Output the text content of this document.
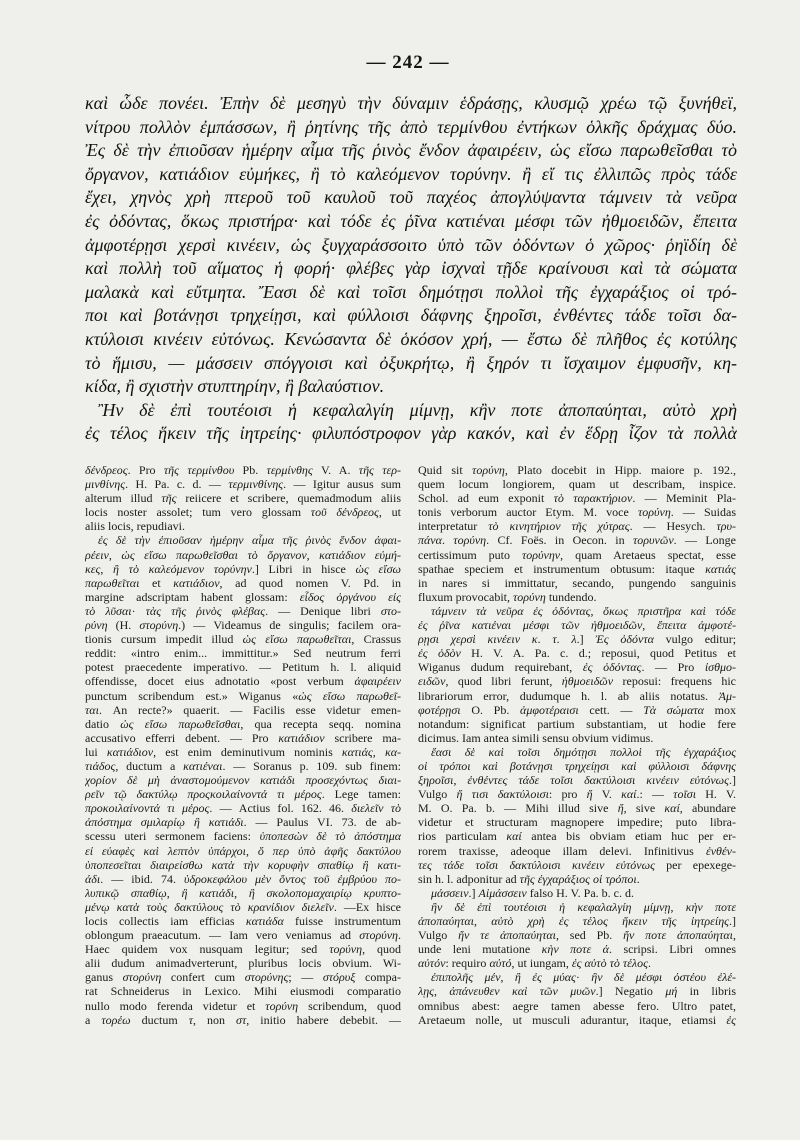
— 242 —
καὶ ὧδε πονέει. Ἐπὴν δὲ μεσηγὺ τὴν δύναμιν ἑδράσῃς, κλυσμῷ χρέω τῷ ξυνήθεϊ,
νίτρου πολλὸν ἐμπάσσων, ἢ ῥητίνης τῆς ἀπὸ τερμίνθου ἐντήκων ὁλκῆς δράχμας δύο.
Ἐς δὲ τὴν ἐπιοῦσαν ἡμέρην αἷμα τῆς ῥινὸς ἔνδον ἀφαιρέειν, ὡς εἴσω παρωθεῖσθαι τὸ
ὄργανον, κατιάδιον εὐμήκες, ἢ τὸ καλεόμενον τορύνην. ἢ εἴ τις ἐλλιπῶς πρὸς τάδε
ἔχει, χηνὸς χρὴ πτεροῦ τοῦ καυλοῦ τοῦ παχέος ἀπογλύψαντα τάμνειν τὰ νεῦρα
ἐς ὀδόντας, ὅκως πριστήρα· καὶ τόδε ἐς ῥῖνα κατιέναι μέσφι τῶν ἠθμοειδῶν, ἔπειτα
ἀμφοτέρῃσι χερσὶ κινέειν, ὡς ξυγχαράσσοιτο ὑπὸ τῶν ὀδόντων ὁ χῶρος· ῥηϊδίη δὲ
καὶ πολλὴ τοῦ αἵματος ἡ φορή· φλέβες γὰρ ἰσχναὶ τῇδε κραίνουσι καὶ τὰ σώματα
μαλακὰ καὶ εὔτμητα. Ἔασι δὲ καὶ τοῖσι δημότῃσι πολλοὶ τῆς ἐγχαράξιος οἱ τρό-
ποι καὶ βοτάνῃσι τρηχείῃσι, καὶ φύλλοισι δάφνης ξηροῖσι, ἐνθέντες τάδε τοῖσι δα-
κτύλοισι κινέειν εὐτόνως. Κενώσαντα δὲ ὁκόσον χρή, — ἔστω δὲ πλῆθος ἐς κοτύλης
τὸ ἥμισυ, — μάσσειν σπόγγοισι καὶ ὀξυκρήτῳ, ἢ ξηρόν τι ἴσχαιμον ἐμφυσῆν, κη-
κίδα, ἢ σχιστὴν στυπτηρίην, ἢ βαλαύστιον.
Ἢν δὲ ἐπὶ τουτέοισι ἡ κεφαλαλγίη μίμνῃ, κἢν ποτε ἀποπαύηται, αὐτὸ χρὴ
ἐς τέλος ἥκειν τῆς ἰητρείης· φιλυπόστροφον γὰρ κακόν, καὶ ἐν ἕδρῃ ἶζον τὰ πολλὰ
δένδρεος. Pro τῆς τερμίνθου Pb. τερμίνθης V. A. τῆς τερ-
μινθίνης. H. Pa. c. d. — τερμινθίνης. — Igitur ausus sum
alterum illud τῆς reiicere et scribere, quemadmodum aliis
locis noster assolet; tum vero glossam τοῦ δένδρεος, ut
aliis locis, repudiavi.
ἐς δὲ τὴν ἐπιοῦσαν ἡμέρην αἷμα τῆς ῥινὸς ἔνδον ἀφαι-
ρέειν, ὡς εἴσω παρωθεῖσθαι τὸ ὄργανον, κατιάδιον εὐμή-
κες, ἢ τὸ καλεόμενον τορύνην.] Libri in hisce ὡς εἴσω
παρωθεῖται et κατιάδιον, ad quod nomen V. Pd. in
margine adscriptam habent glossam: εἶδος ὀργάνου εἰς
τὸ λῦσαι· τὰς τῆς ῥινὸς φλέβας. — Denique libri στο-
ρύνη (H. στορύνη.) — Videamus de singulis; facilem ora-
tionis cursum impedit illud ὡς εἴσω παρωθεῖται, Crassus
reddit: «intro enim... immittitur.» Sed neutrum ferri
potest praecedente imperativo. — Petitum h. l. aliquid
offendisse, docet eius adnotatio «post verbum ἀφαιρέειν
punctum scribendum est.» Wiganus «ὡς εἴσω παρωθεῖ-
ται. An recte?» quaerit. — Facilis esse videtur emen-
datio ὡς εἴσω παρωθεῖσθαι, qua recepta seqq. nomina
accusativo efferri debent. — Pro κατιάδιον scribere ma-
lui κατιάδιον, est enim deminutivum nominis κατιάς, κα-
τιάδος, ductum a κατιέναι. — Soranus p. 109. sub finem:
χορίον δὲ μὴ ἀναστομούμενον κατιάδι προσεχόντως διαι-
ρεῖν τῷ δακτύλῳ προςκοιλαίνοντά τι μέρος. Lege tamen:
προκοιλαίνοντά τι μέρος. — Actius fol. 162. 46. διελεῖν τὸ
ἀπόστημα σμιλαρίῳ ἢ κατιάδι. — Paulus VI. 73. de ab-
scessu uteri sermonem faciens: ὑποπεσὼν δὲ τὸ ἀπόστημα
εἰ εὐαφὲς καὶ λεπτὸν ὑπάρχοι, ὅ περ ὑπὸ ἁφῆς δακτύλου
ὑποπεσεῖται διαιρείσθω κατὰ τὴν κορυφὴν σπαθίῳ ἢ κατι-
άδι. — ibid. 74. ὑδροκεφάλου μὲν ὄντος τοῦ ἐμβρύου πο-
λυπικῷ σπαθίῳ, ἢ κατιάδι, ἢ σκολοπομαχαιρίῳ κρυπτο-
μένῳ κατὰ τοὺς δακτύλους τὸ κρανίδιον διελεῖν. —Ex hisce
locis collectis iam efficias κατιάδα fuisse instrumentum
oblongum praeacutum. — Iam vero veniamus ad στορύνη.
Haec quidem vox nusquam legitur; sed τορύνη, quod
alii dudum animadverterunt, pluribus locis obvium. Wi-
ganus στορύνη confert cum στορύνης; — στόρυξ compa-
rat Schneiderus in Lexico. Mihi eiusmodi comparatio
nullo modo ferenda videtur et τορύνη scribendum, quod
a τορέω ductum τ, non στ, initio habere debebit. —
Quid sit τορύνη, Plato docebit in Hipp. maiore p. 192.,
quem locum longiorem, quam ut describam, inspice.
Schol. ad eum exponit τὸ ταρακτήριον. — Meminit Pla-
tonis verborum auctor Etym. M. voce τορύνη. — Suidas
interpretatur τὸ κινητήριον τῆς χύτρας. — Hesych. τρυ-
πάνα. τορύνη. Cf. Foës. in Oecon. in τορυνῶν. — Longe
certissimum puto τορύνην, quam Aretaeus spectat, esse
spathae speciem et instrumentum obtusum: itaque κατιάς
in nares si immittatur, secando, pungendo sanguinis
fluxum provocabit, τορύνη tundendo.
τάμνειν τὰ νεῦρα ἐς ὀδόντας, ὅκως πριστῆρα καὶ τόδε
ἐς ῥῖνα κατιέναι μέσφι τῶν ἠθμοειδῶν, ἔπειτα ἀμφοτέ-
ρῃσι χερσὶ κινέειν κ. τ. λ.] Ἐς ὀδόντα vulgo editur;
ἐς ὀδὸν H. V. A. Pa. c. d.; reposui, quod Petitus et
Wiganus dudum requirebant, ἐς ὀδόντας. — Pro ἰσθμο-
ειδῶν, quod libri ferunt, ἠθμοειδῶν reposui: frequens hic
librariorum error, dudumque h. l. ab aliis notatus. Ἀμ-
φοτέρῃσι O. Pb. ἀμφοτέραισι cett. — Τὰ σώματα mox
notandum: significat partium substantiam, ut hodie fere
dicimus. Iam antea simili sensu obvium vidimus.
ἔασι δὲ καὶ τοῖσι δημότῃσι πολλοὶ τῆς ἐγχαράξιος
οἱ τρόποι καὶ βοτάνῃσι τρηχείῃσι καὶ φύλλοισι δάφνης
ξηροῖσι, ἐνθέντες τάδε τοῖσι δακτύλοισι κινέειν εὐτόνως.]
Vulgo ἤ τισι δακτύλοισι: pro ἤ V. καί.: — τοῖσι H. V.
M. O. Pa. b. — Mihi illud sive ἤ, sive καί, abundare
videtur et structuram magnopere impedire; puto libra-
rios particulam καί antea bis obviam etiam huc per er-
rorem traxisse, adeoque illam delevi. Infinitivus ἐνθέν-
τες τάδε τοῖσι δακτύλοισι κινέειν εὐτόνως per epexege-
sin h. l. adponitur ad τῆς ἐγχαράξιος οἱ τρόποι.
μάσσειν.] Αἱμάσσειν falso H. V. Pa. b. c. d.
ἢν δὲ ἐπὶ τουτέοισι ἡ κεφαλαλγίη μίμνῃ, κὴν ποτε
ἀποπαύηται, αὐτὸ χρὴ ἐς τέλος ἥκειν τῆς ἰητρείης.]
Vulgo ἤν τε ἀποπαύηται, sed Pb. ἤν ποτε ἀποπαύηται,
unde leni mutatione κὴν ποτε ἀ. scripsi. Libri omnes
αὐτόν: requiro αὐτό, ut iungam, ἐς αὐτὸ τὸ τέλος.
ἐπιπολῆς μέν, ἢ ἐς μύας· ἢν δὲ μέσφι ὀστέου ἐλέ-
λῃς, ἀπάνευθεν καὶ τῶν μυῶν.] Negatio μή in libris
omnibus abest: aegre tamen abesse fero. Ultro patet,
Aretaeum nolle, ut musculi adurantur, itaque, etiamsi ἐς
